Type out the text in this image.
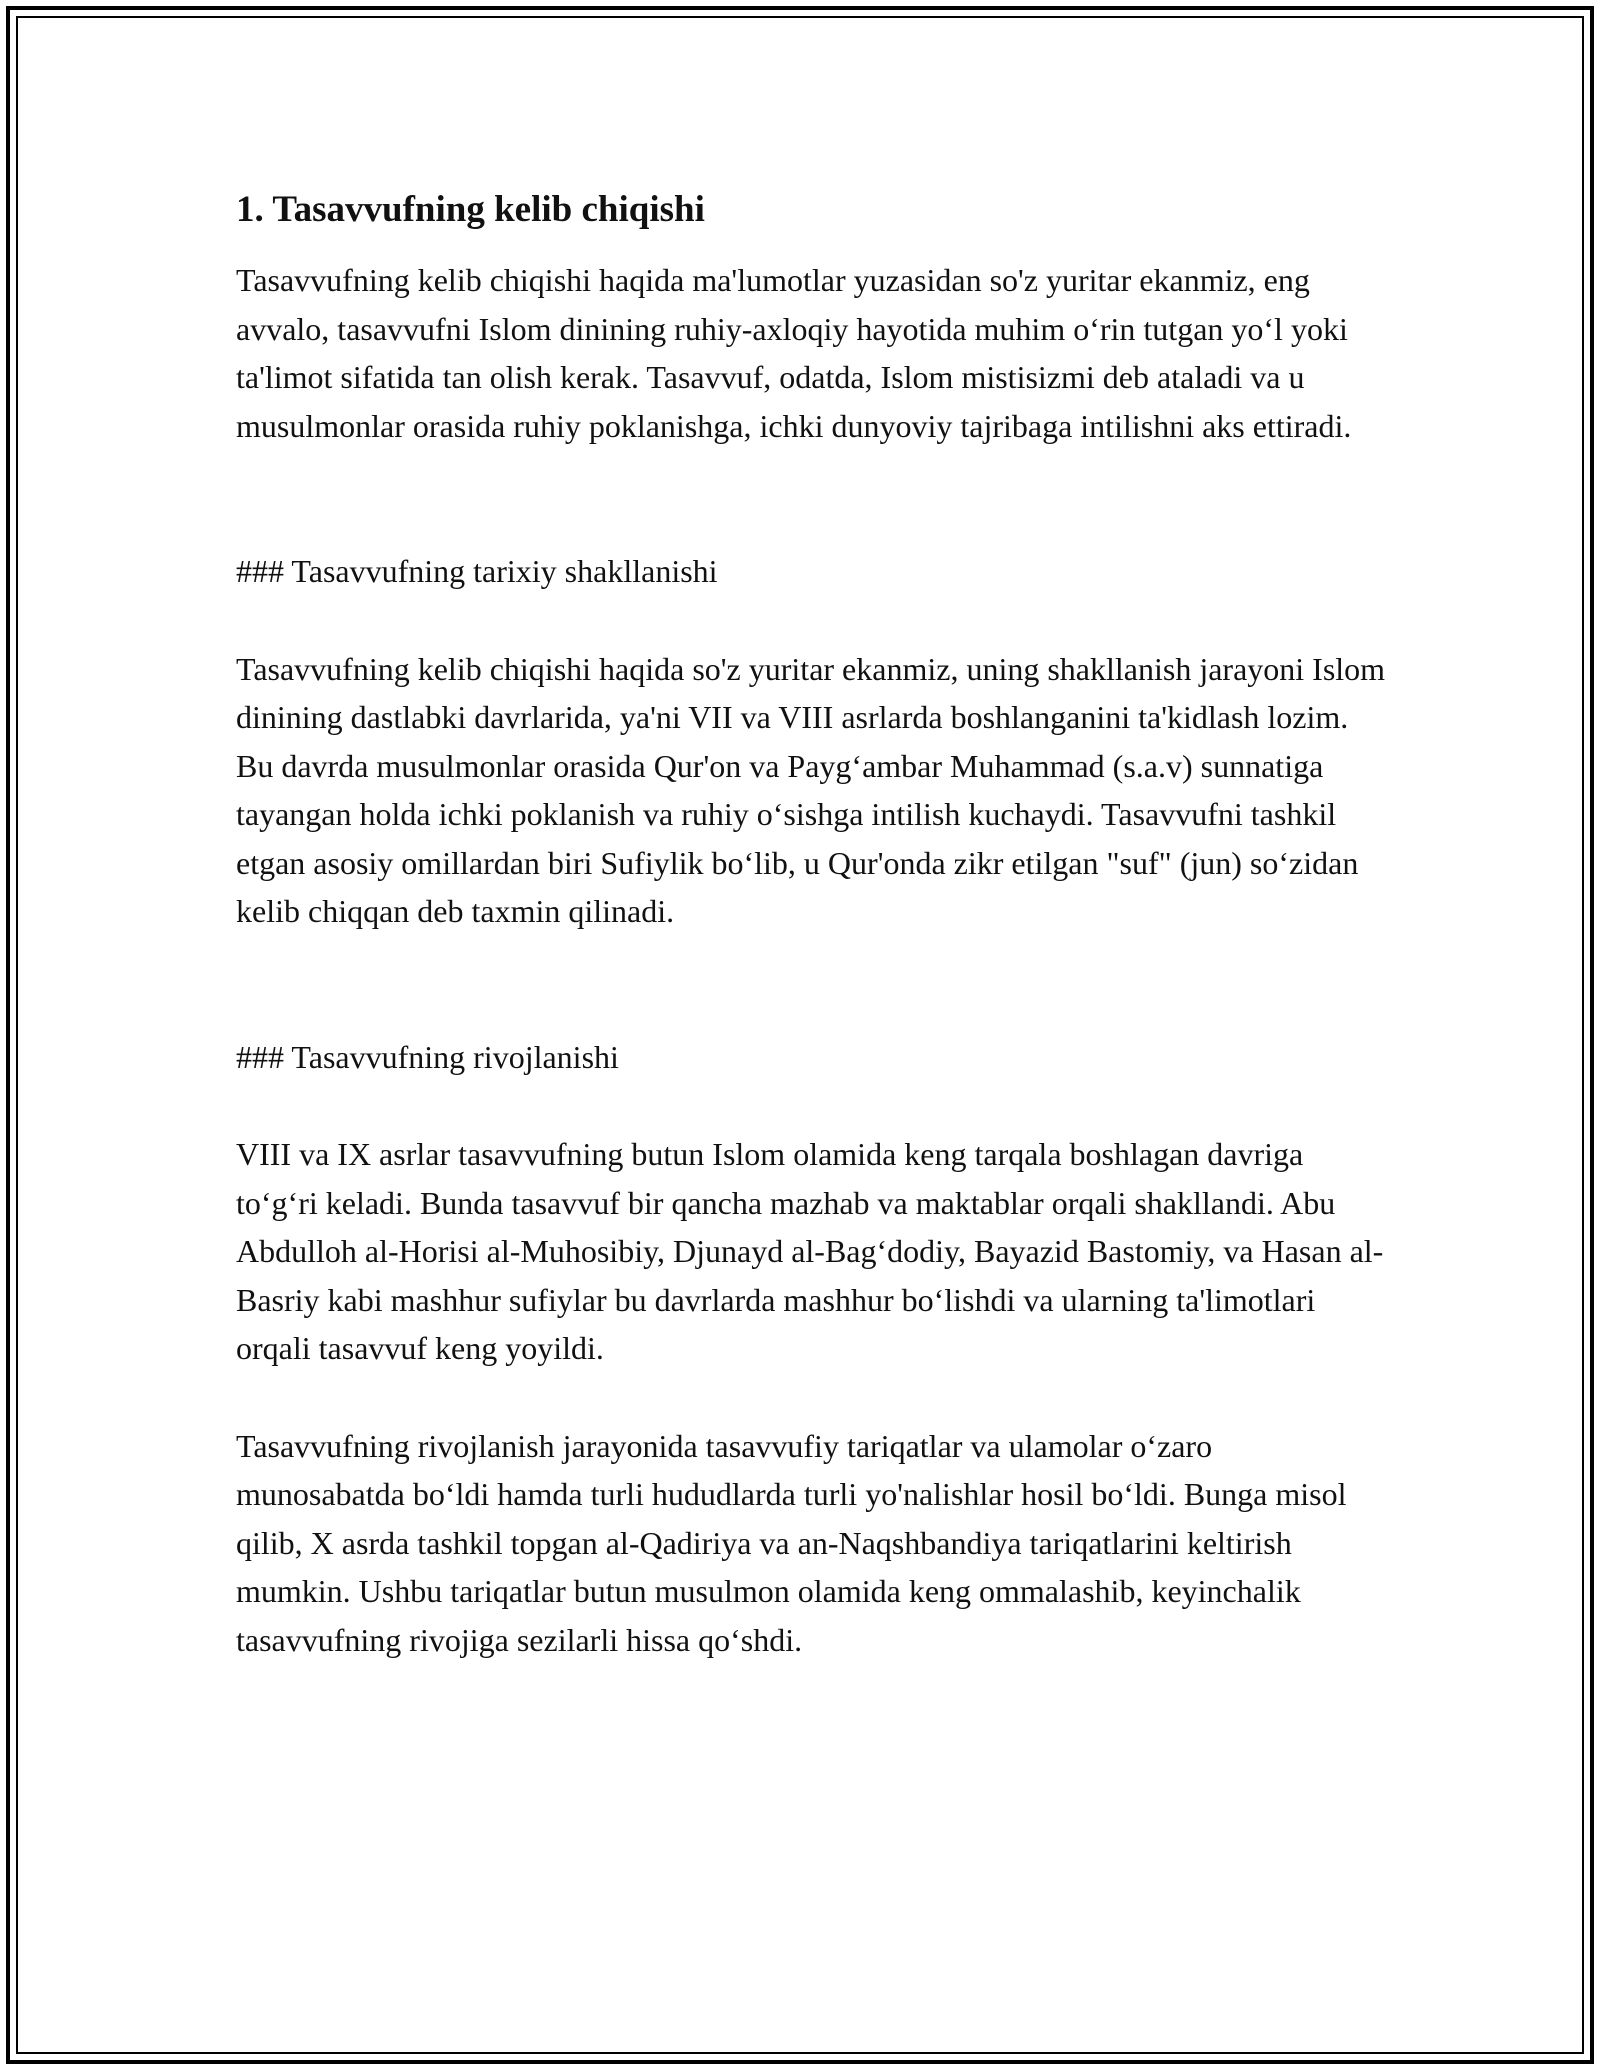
1. Tasavvufning kelib chiqishi

Tasavvufning kelib chiqishi haqida ma'lumotlar yuzasidan so'z yuritar ekanmiz, eng avvalo, tasavvufni Islom dinining ruhiy-axloqiy hayotida muhim o‘rin tutgan yo‘l yoki ta'limot sifatida tan olish kerak. Tasavvuf, odatda, Islom mistisizmi deb ataladi va u musulmonlar orasida ruhiy poklanishga, ichki dunyoviy tajribaga intilishni aks ettiradi.

### Tasavvufning tarixiy shakllanishi

Tasavvufning kelib chiqishi haqida so'z yuritar ekanmiz, uning shakllanish jarayoni Islom dinining dastlabki davrlarida, ya'ni VII va VIII asrlarda boshlanganini ta'kidlash lozim. Bu davrda musulmonlar orasida Qur'on va Payg‘ambar Muhammad (s.a.v) sunnatiga tayangan holda ichki poklanish va ruhiy o‘sishga intilish kuchaydi. Tasavvufni tashkil etgan asosiy omillardan biri Sufiylik bo‘lib, u Qur'onda zikr etilgan "suf" (jun) so‘zidan kelib chiqqan deb taxmin qilinadi.

### Tasavvufning rivojlanishi

VIII va IX asrlar tasavvufning butun Islom olamida keng tarqala boshlagan davriga to‘g‘ri keladi. Bunda tasavvuf bir qancha mazhab va maktablar orqali shakllandi. Abu Abdulloh al-Horisi al-Muhosibiy, Djunayd al-Bag‘dodiy, Bayazid Bastomiy, va Hasan al-Basriy kabi mashhur sufiylar bu davrlarda mashhur bo‘lishdi va ularning ta'limotlari orqali tasavvuf keng yoyildi.

Tasavvufning rivojlanish jarayonida tasavvufiy tariqatlar va ulamolar o‘zaro munosabatda bo‘ldi hamda turli hududlarda turli yo'nalishlar hosil bo‘ldi. Bunga misol qilib, X asrda tashkil topgan al-Qadiriya va an-Naqshbandiya tariqatlarini keltirish mumkin. Ushbu tariqatlar butun musulmon olamida keng ommalashib, keyinchalik tasavvufning rivojiga sezilarli hissa qo‘shdi.
